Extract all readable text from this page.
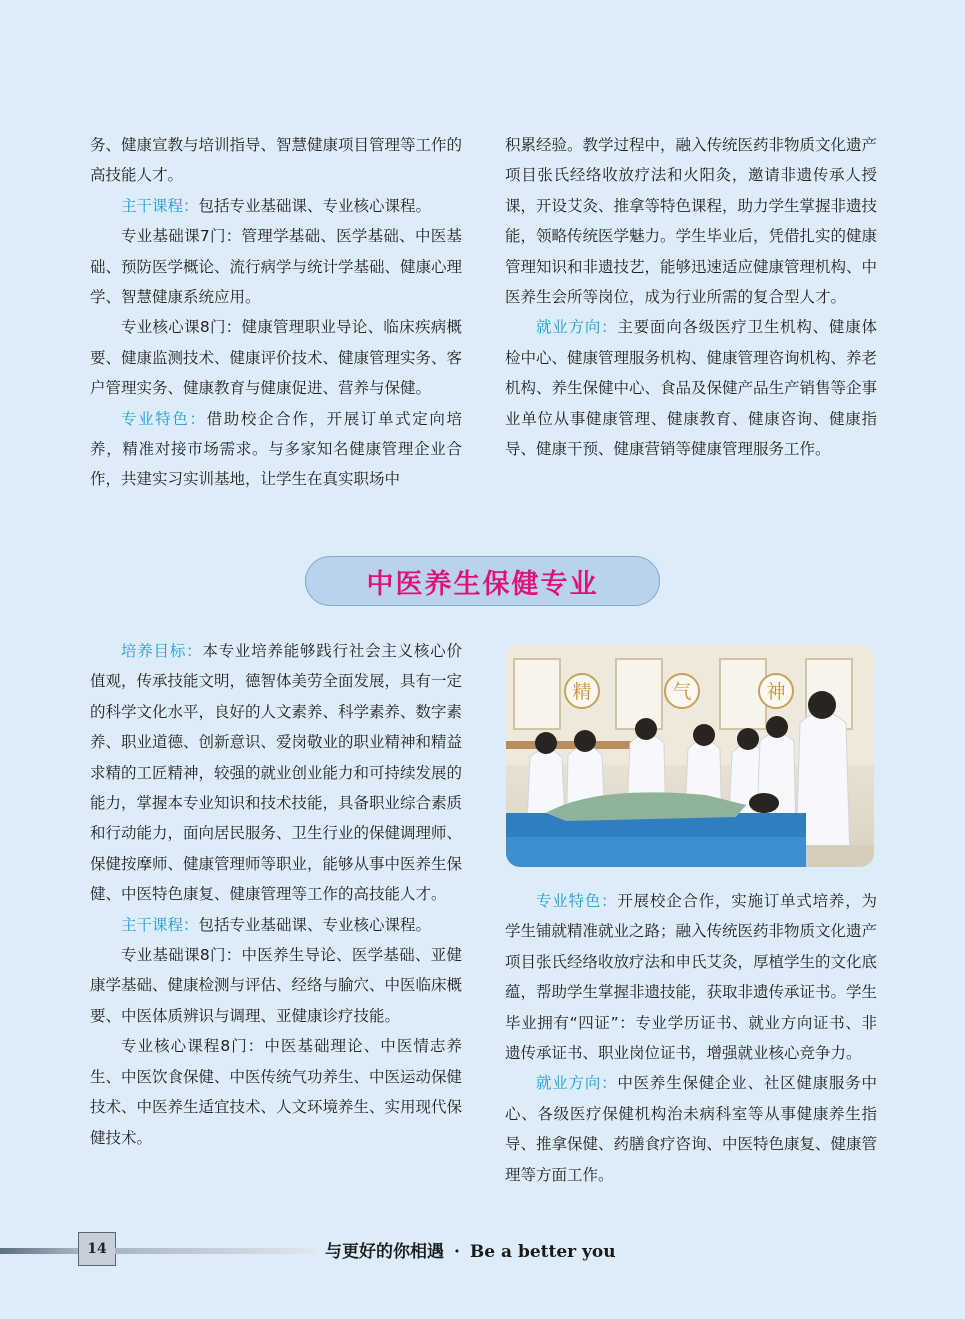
务、健康宣教与培训指导、智慧健康项目管理等工作的高技能人才。

主干课程：包括专业基础课、专业核心课程。

专业基础课7门：管理学基础、医学基础、中医基础、预防医学概论、流行病学与统计学基础、健康心理学、智慧健康系统应用。

专业核心课8门：健康管理职业导论、临床疾病概要、健康监测技术、健康评价技术、健康管理实务、客户管理实务、健康教育与健康促进、营养与保健。

专业特色：借助校企合作，开展订单式定向培养，精准对接市场需求。与多家知名健康管理企业合作，共建实习实训基地，让学生在真实职场中

积累经验。教学过程中，融入传统医药非物质文化遗产项目张氏经络收放疗法和火阳灸，邀请非遗传承人授课，开设艾灸、推拿等特色课程，助力学生掌握非遗技能，领略传统医学魅力。学生毕业后，凭借扎实的健康管理知识和非遗技艺，能够迅速适应健康管理机构、中医养生会所等岗位，成为行业所需的复合型人才。

就业方向：主要面向各级医疗卫生机构、健康体检中心、健康管理服务机构、健康管理咨询机构、养老机构、养生保健中心、食品及保健产品生产销售等企事业单位从事健康管理、健康教育、健康咨询、健康指导、健康干预、健康营销等健康管理服务工作。

中医养生保健专业

培养目标：本专业培养能够践行社会主义核心价值观，传承技能文明，德智体美劳全面发展，具有一定的科学文化水平，良好的人文素养、科学素养、数字素养、职业道德、创新意识、爱岗敬业的职业精神和精益求精的工匠精神，较强的就业创业能力和可持续发展的能力，掌握本专业知识和技术技能，具备职业综合素质和行动能力，面向居民服务、卫生行业的保健调理师、保健按摩师、健康管理师等职业，能够从事中医养生保健、中医特色康复、健康管理等工作的高技能人才。

主干课程：包括专业基础课、专业核心课程。

专业基础课8门：中医养生导论、医学基础、亚健康学基础、健康检测与评估、经络与腧穴、中医临床概要、中医体质辨识与调理、亚健康诊疗技能。

专业核心课程8门：中医基础理论、中医情志养生、中医饮食保健、中医传统气功养生、中医运动保健技术、中医养生适宜技术、人文环境养生、实用现代保健技术。

精	气	神

专业特色：开展校企合作，实施订单式培养，为学生铺就精准就业之路；融入传统医药非物质文化遗产项目张氏经络收放疗法和申氏艾灸，厚植学生的文化底蕴，帮助学生掌握非遗技能，获取非遗传承证书。学生毕业拥有“四证”：专业学历证书、就业方向证书、非遗传承证书、职业岗位证书，增强就业核心竞争力。

就业方向：中医养生保健企业、社区健康服务中心、各级医疗保健机构治未病科室等从事健康养生指导、推拿保健、药膳食疗咨询、中医特色康复、健康管理等方面工作。

14	与更好的你相遇 · Be a better you
